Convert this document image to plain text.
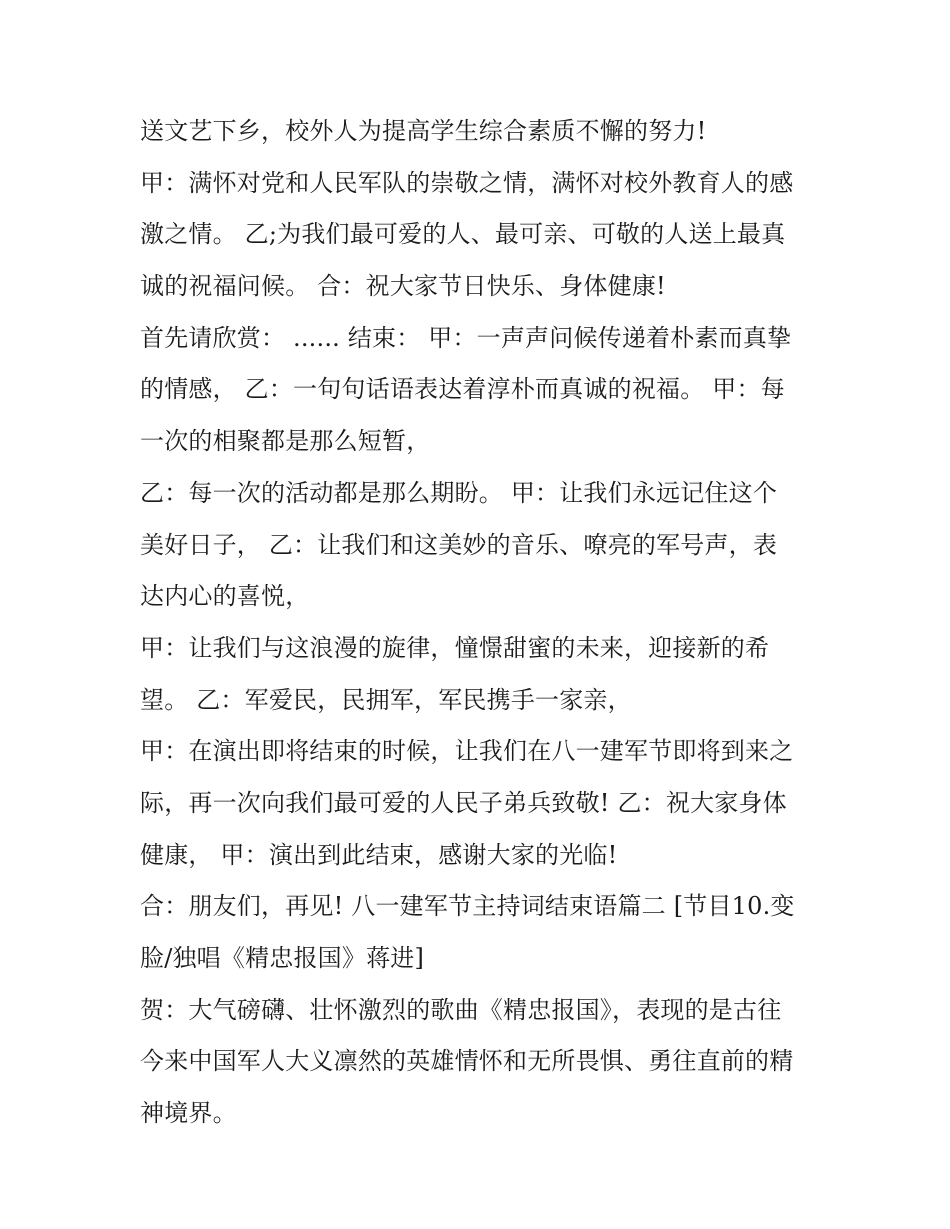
送文艺下乡，校外人为提高学生综合素质不懈的努力!
甲：满怀对党和人民军队的崇敬之情，满怀对校外教育人的感
激之情。 乙;为我们最可爱的人、最可亲、可敬的人送上最真
诚的祝福问候。 合：祝大家节日快乐、身体健康!
首先请欣赏： ...... 结束： 甲：一声声问候传递着朴素而真挚
的情感， 乙：一句句话语表达着淳朴而真诚的祝福。 甲：每
一次的相聚都是那么短暂，
乙：每一次的活动都是那么期盼。 甲：让我们永远记住这个
美好日子， 乙：让我们和这美妙的音乐、嘹亮的军号声，表
达内心的喜悦，
甲：让我们与这浪漫的旋律，憧憬甜蜜的未来，迎接新的希
望。 乙：军爱民，民拥军，军民携手一家亲，
甲：在演出即将结束的时候，让我们在八一建军节即将到来之
际，再一次向我们最可爱的人民子弟兵致敬! 乙：祝大家身体
健康， 甲：演出到此结束，感谢大家的光临!
合：朋友们，再见! 八一建军节主持词结束语篇二 [节目10.变
脸/独唱《精忠报国》蒋进]
贺：大气磅礴、壮怀激烈的歌曲《精忠报国》，表现的是古往
今来中国军人大义凛然的英雄情怀和无所畏惧、勇往直前的精
神境界。
